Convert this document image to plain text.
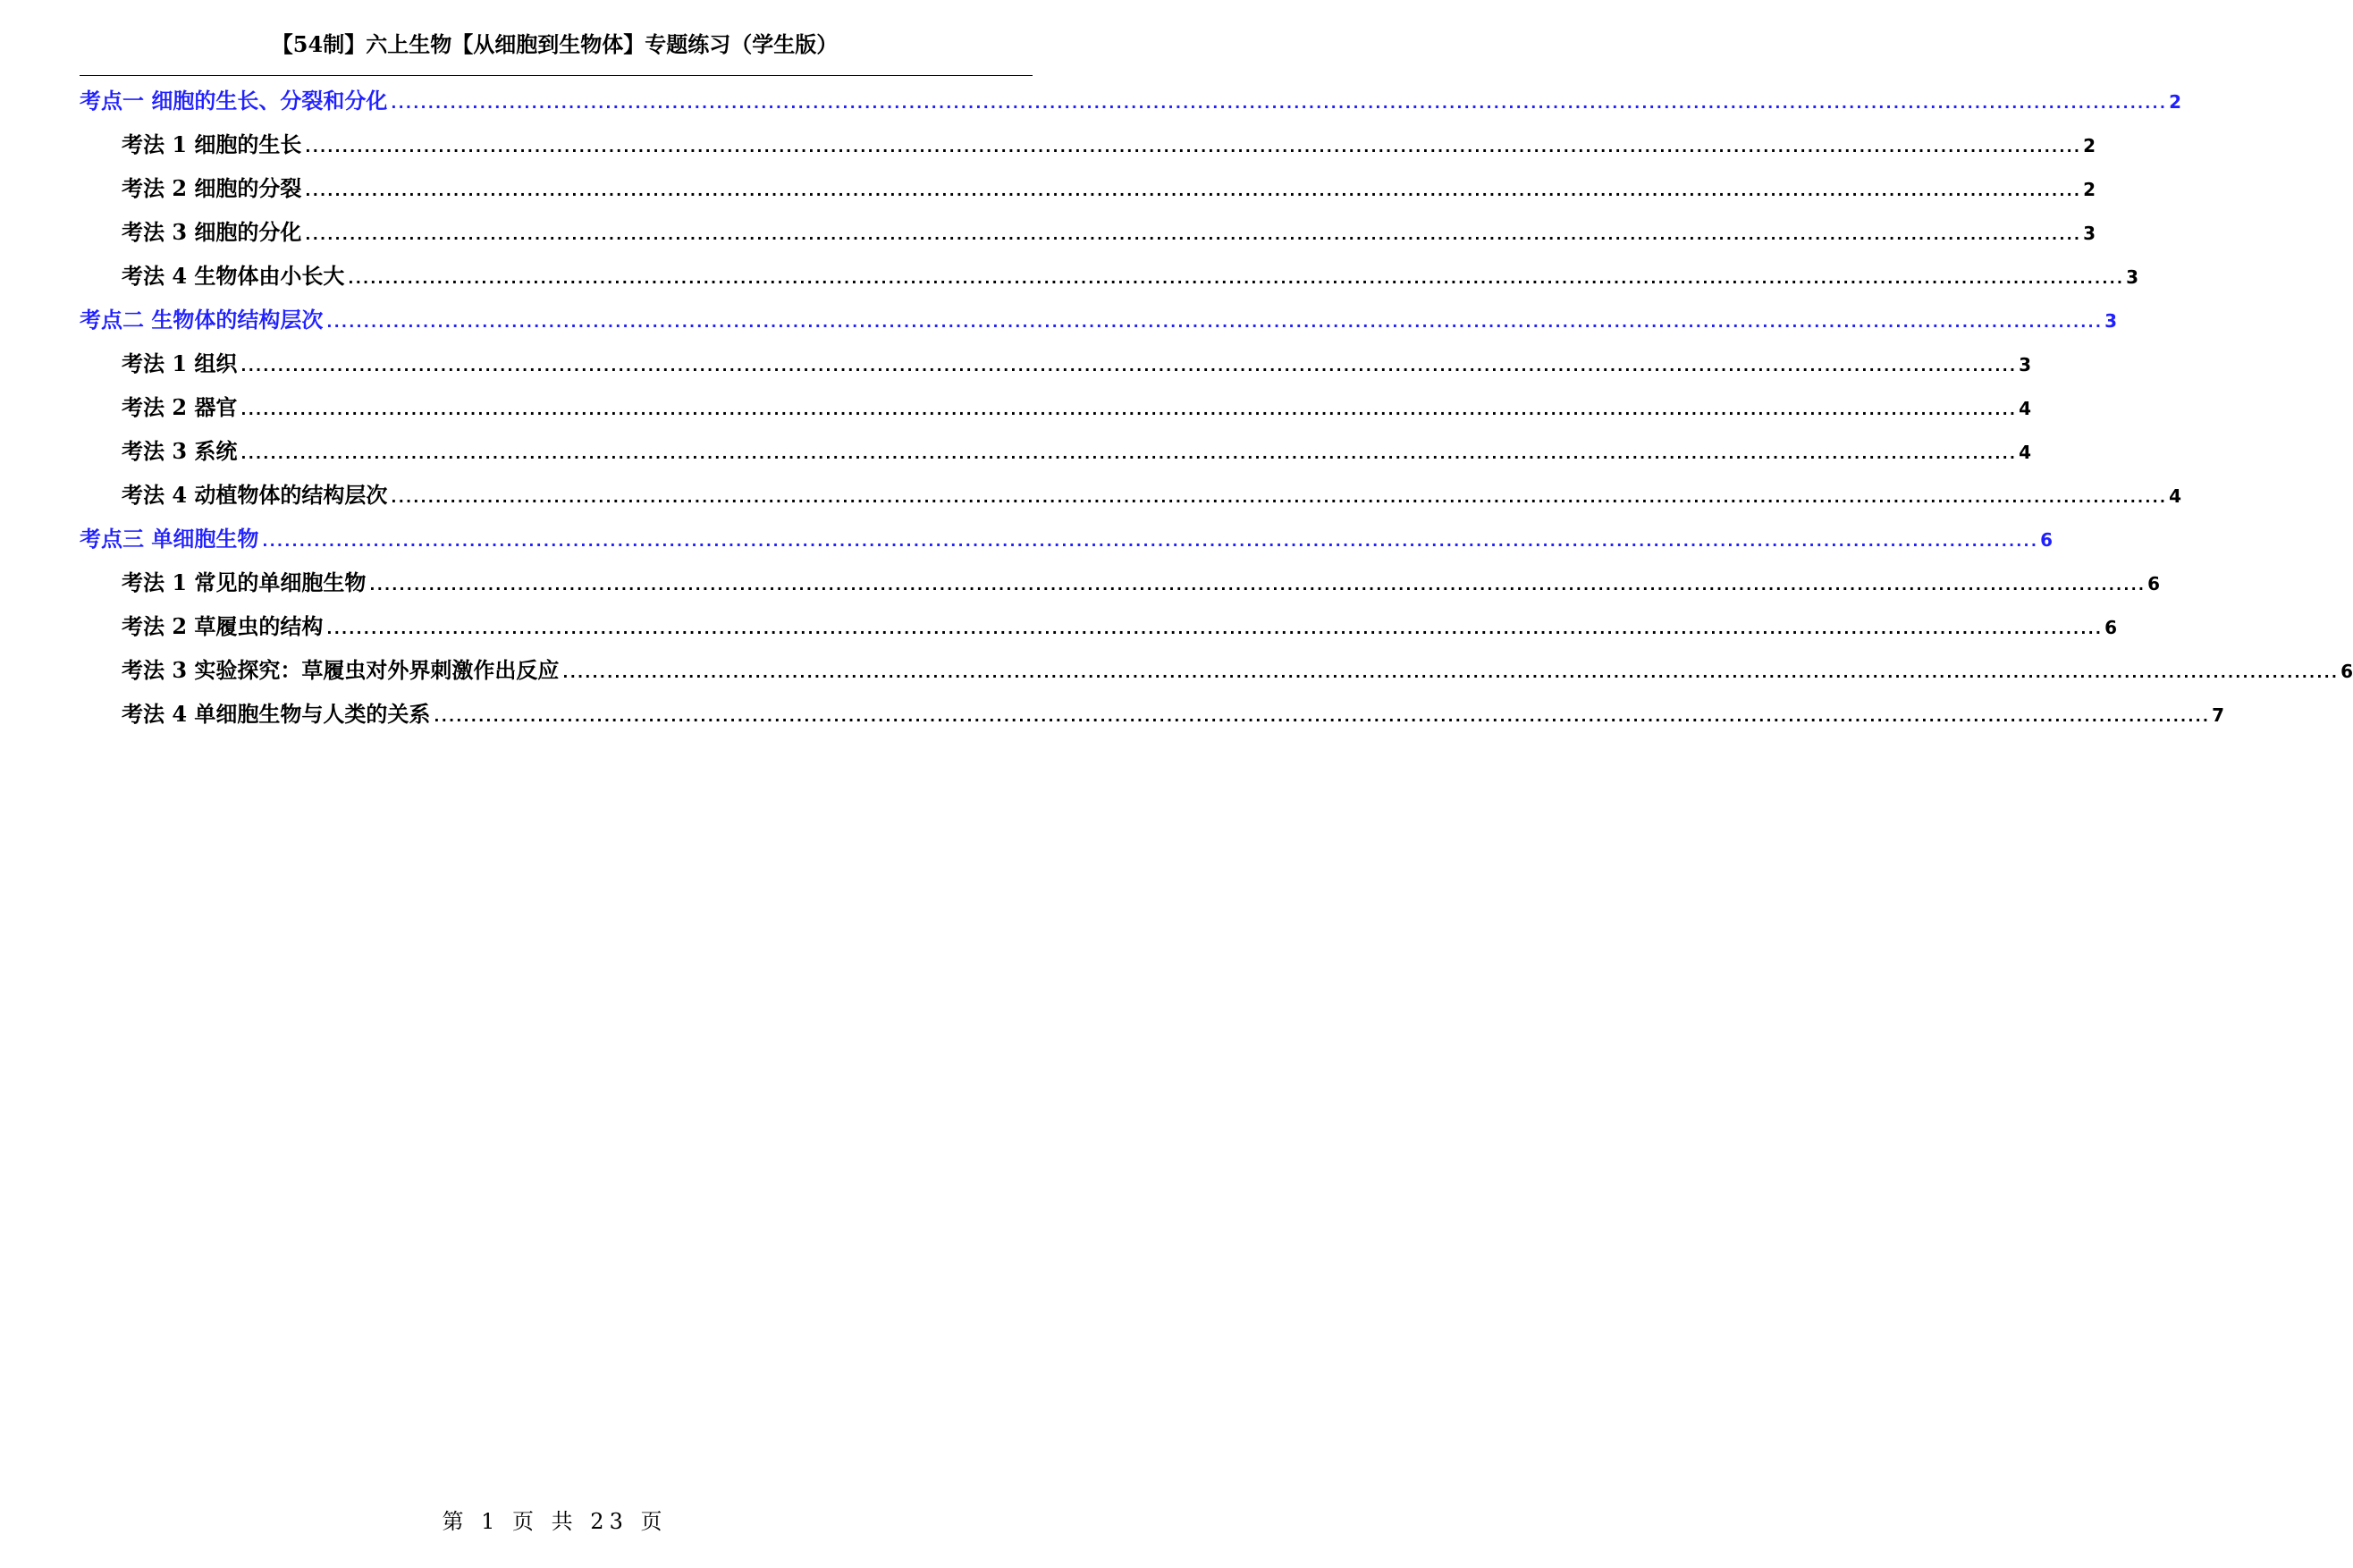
【54制】六上生物【从细胞到生物体】专题练习（学生版）
考点一 细胞的生长、分裂和分化 ................................................................................................................................................................................................................................................ 2
考法 1 细胞的生长 ................................................................................................................................................................................................................................................ 2
考法 2 细胞的分裂 ................................................................................................................................................................................................................................................ 2
考法 3 细胞的分化 ................................................................................................................................................................................................................................................ 3
考法 4 生物体由小长大 ................................................................................................................................................................................................................................................ 3
考点二 生物体的结构层次 ................................................................................................................................................................................................................................................ 3
考法 1 组织 ................................................................................................................................................................................................................................................ 3
考法 2 器官 ................................................................................................................................................................................................................................................ 4
考法 3 系统 ................................................................................................................................................................................................................................................ 4
考法 4 动植物体的结构层次 ................................................................................................................................................................................................................................................ 4
考点三 单细胞生物 ................................................................................................................................................................................................................................................ 6
考法 1 常见的单细胞生物 ................................................................................................................................................................................................................................................ 6
考法 2 草履虫的结构 ................................................................................................................................................................................................................................................ 6
考法 3 实验探究：草履虫对外界刺激作出反应 ................................................................................................................................................................................................................................................ 6
考法 4 单细胞生物与人类的关系 ................................................................................................................................................................................................................................................ 7
第 1 页 共 23 页
